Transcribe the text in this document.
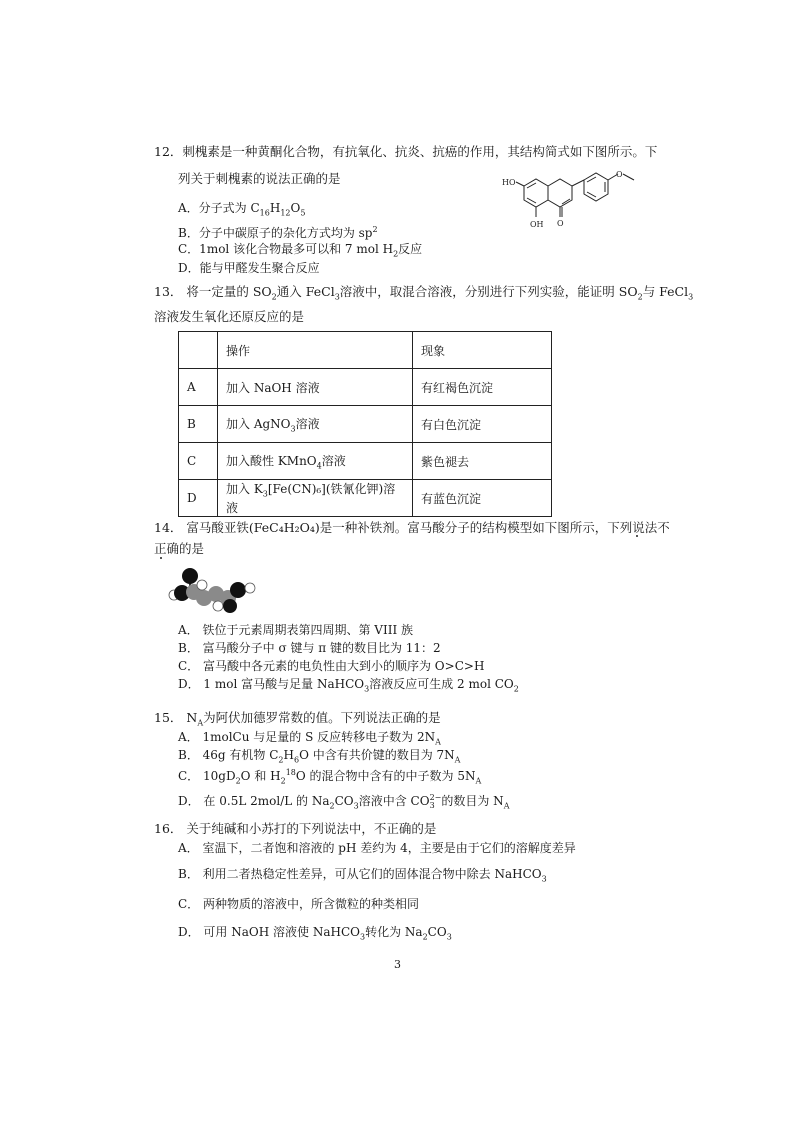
12．刺槐素是一种黄酮化合物，有抗氧化、抗炎、抗癌的作用，其结构简式如下图所示。下
列关于刺槐素的说法正确的是
A．分子式为 $C_{16}H_{12}O_5$
B．分子中碳原子的杂化方式均为 $sp^2$
C．1mol 该化合物最多可以和 7 mol $H_2$反应
D．能与甲醛发生聚合反应
HO
OH O
O
13． 将一定量的 $SO_2$通入 FeCl$_3$溶液中，取混合溶液，分别进行下列实验，能证明 $SO_2$与 FeCl$_3$
溶液发生氧化还原反应的是
	操作	现象
A	加入 NaOH 溶液	有红褐色沉淀
B	加入 AgNO$_3$溶液	有白色沉淀
C	加入酸性 KMnO$_4$溶液	紫色褪去
D	加入 $K_3[Fe(CN)_6]$(铁氰化钾)溶液	有蓝色沉淀
14． 富马酸亚铁(FeC₄H₂O₄)是一种补铁剂。富马酸分子的结构模型如下图所示，下列说法不
正确的是
A． 铁位于元素周期表第四周期、第 VIII 族
B． 富马酸分子中 σ 键与 π 键的数目比为 11：2
C． 富马酸中各元素的电负性由大到小的顺序为 O>C>H
D． 1 mol 富马酸与足量 NaHCO$_3$溶液反应可生成 2 mol $CO_2$
15． $N_A$为阿伏加德罗常数的值。下列说法正确的是
A． 1molCu 与足量的 S 反应转移电子数为 $2N_A$
B． 46g 有机物 $C_2H_6O$ 中含有共价键的数目为 $7N_A$
C． $10gD_2O$ 和 $H_2^{18}O$ 的混合物中含有的中子数为 $5N_A$
D． 在 0.5L 2mol/L 的 $Na_2CO_3$溶液中含 CO 2−
3 的数目为 $N_A$
16． 关于纯碱和小苏打的下列说法中，不正确的是
A． 室温下，二者饱和溶液的 pH 差约为 4，主要是由于它们的溶解度差异
B． 利用二者热稳定性差异，可从它们的固体混合物中除去 NaHCO$_3$
C． 两种物质的溶液中，所含微粒的种类相同
D． 可用 NaOH 溶液使 NaHCO$_3$转化为 $Na_2CO_3$
3
